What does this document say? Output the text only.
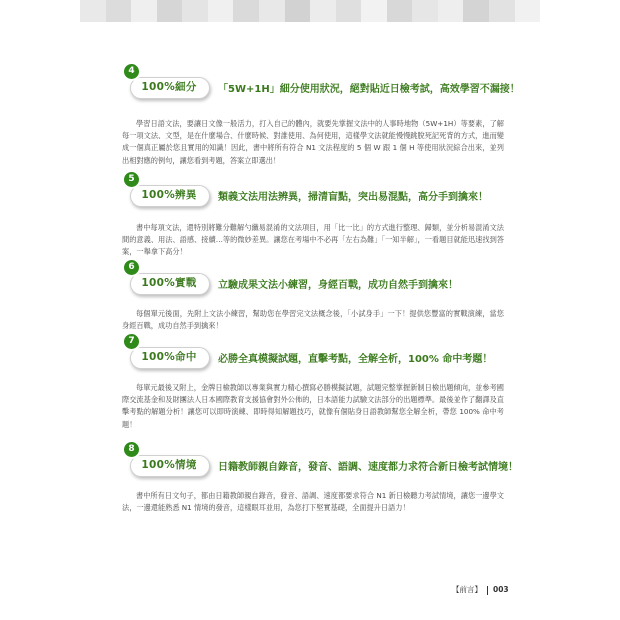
100%細分
4
「5W+1H」細分使用狀況，絕對貼近日檢考試，高效學習不漏接！
學習日語文法，要讓日文像一般活力，打入自己的體內，就要先掌握文法中的人事時地物（5W+1H）等要素，了解每一項文法、文型，是在什麼場合、什麼時候、對誰使用、為何使用，這樣學文法就能慢慢跳脫死記死背的方式，進而變成一個真正屬於您且實用的知識！因此，書中將所有符合 N1 文法程度的 5 個 W 跟 1 個 H 等使用狀況綜合出來，並列出相對應的例句，讓您看到考題，答案立即選出！
100%辨異
5
類義文法用法辨異，掃清盲點，突出易混點，高分手到擒來！
書中每項文法，還特別將難分難解勺纖易混淆的文法項目，用「比一比」的方式進行整理、歸類，並分析易混淆文法間的意義、用法、語感、接續…等的微妙差異。讓您在考場中不必再「左右為難」「一知半解」，一看題目就能迅速找到答案，一舉拿下高分！
100%實戰
6
立驗成果文法小練習，身經百戰，成功自然手到擒來！
每個單元後面，先附上文法小練習，幫助您在學習完文法概念後，「小試身手」一下！提供您豐富的實戰演練，當您身經百戰，成功自然手到擒來！
100%命中
7
必勝全真模擬試題，直擊考點，全解全析，100% 命中考題！
每單元最後又附上，金牌日檢教師以專業與實力精心撰寫必勝模擬試題，試題完整掌握新制日檢出題傾向，並參考國際交流基金和及財團法人日本國際教育支援協會對外公佈的，日本語能力試驗文法部分的出題標準。最後並作了翻譯及直擊考點的解題分析！讓您可以即時演練、即時得知解題技巧，就像有個貼身日語教師幫您全解全析，帶您 100% 命中考題！
100%情境
8
日籍教師親自錄音，發音、語調、速度都力求符合新日檢考試情境！
書中所有日文句子，都由日籍教師親自錄音，發音、語調、速度都要求符合 N1 新日檢聽力考試情境，讓您一邊學文法，一邊還能熟悉 N1 情境的發音，這樣眼耳並用，為您打下堅實基礎，全面提升日語力！
【前言】 003
